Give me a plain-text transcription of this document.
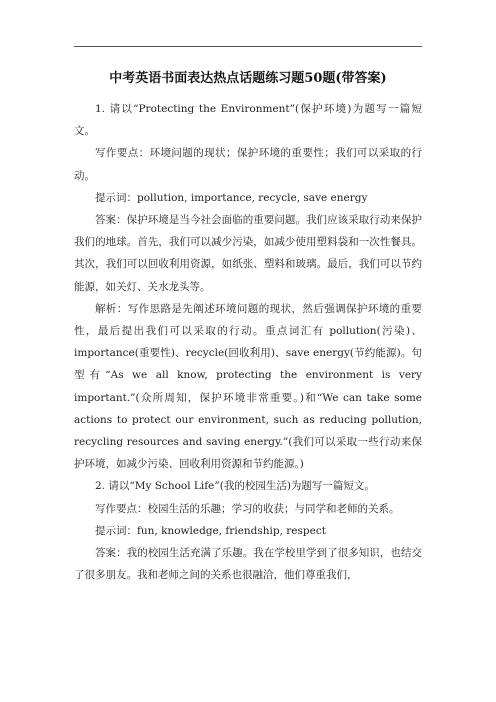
中考英语书面表达热点话题练习题50题(带答案)

1. 请以“Protecting the Environment”(保护环境)为题写一篇短文。

写作要点：环境问题的现状；保护环境的重要性；我们可以采取的行动。

提示词：pollution, importance, recycle, save energy

答案：保护环境是当今社会面临的重要问题。我们应该采取行动来保护我们的地球。首先，我们可以减少污染，如减少使用塑料袋和一次性餐具。其次，我们可以回收利用资源，如纸张、塑料和玻璃。最后，我们可以节约能源，如关灯、关水龙头等。

解析：写作思路是先阐述环境问题的现状，然后强调保护环境的重要性，最后提出我们可以采取的行动。重点词汇有 pollution(污染)、importance(重要性)、recycle(回收利用)、save energy(节约能源)。句型有“As we all know, protecting the environment is very important.”(众所周知，保护环境非常重要。)和“We can take some actions to protect our environment, such as reducing pollution, recycling resources and saving energy.”(我们可以采取一些行动来保护环境，如减少污染、回收利用资源和节约能源。)

2. 请以“My School Life”(我的校园生活)为题写一篇短文。

写作要点：校园生活的乐趣；学习的收获；与同学和老师的关系。

提示词：fun, knowledge, friendship, respect

答案：我的校园生活充满了乐趣。我在学校里学到了很多知识，也结交了很多朋友。我和老师之间的关系也很融洽，他们尊重我们，
